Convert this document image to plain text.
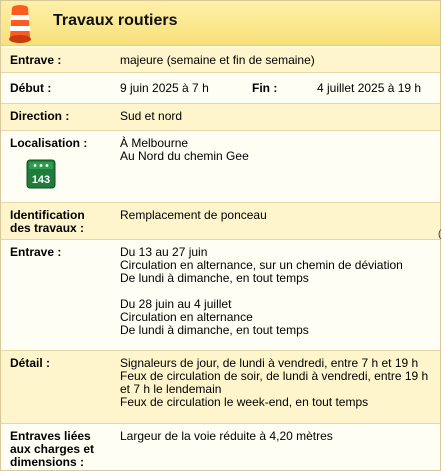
Travaux routiers
Entrave :	majeure (semaine et fin de semaine)
Début :	9 juin 2025 à 7 h	Fin :	4 juillet 2025 à 19 h
Direction :	Sud et nord
Localisation :
143
À Melbourne
Au Nord du chemin Gee
Identification
des travaux :
Remplacement de ponceau
Entrave :	Du 13 au 27 juin
Circulation en alternance, sur un chemin de déviation
De lundi à dimanche, en tout temps
Du 28 juin au 4 juillet
Circulation en alternance
De lundi à dimanche, en tout temps
Détail :	Signaleurs de jour, de lundi à vendredi, entre 7 h et 19 h
Feux de circulation de soir, de lundi à vendredi, entre 19 h
et 7 h le lendemain
Feux de circulation le week-end, en tout temps
Entraves liées
aux charges et
dimensions :
Largeur de la voie réduite à 4,20 mètres
(
